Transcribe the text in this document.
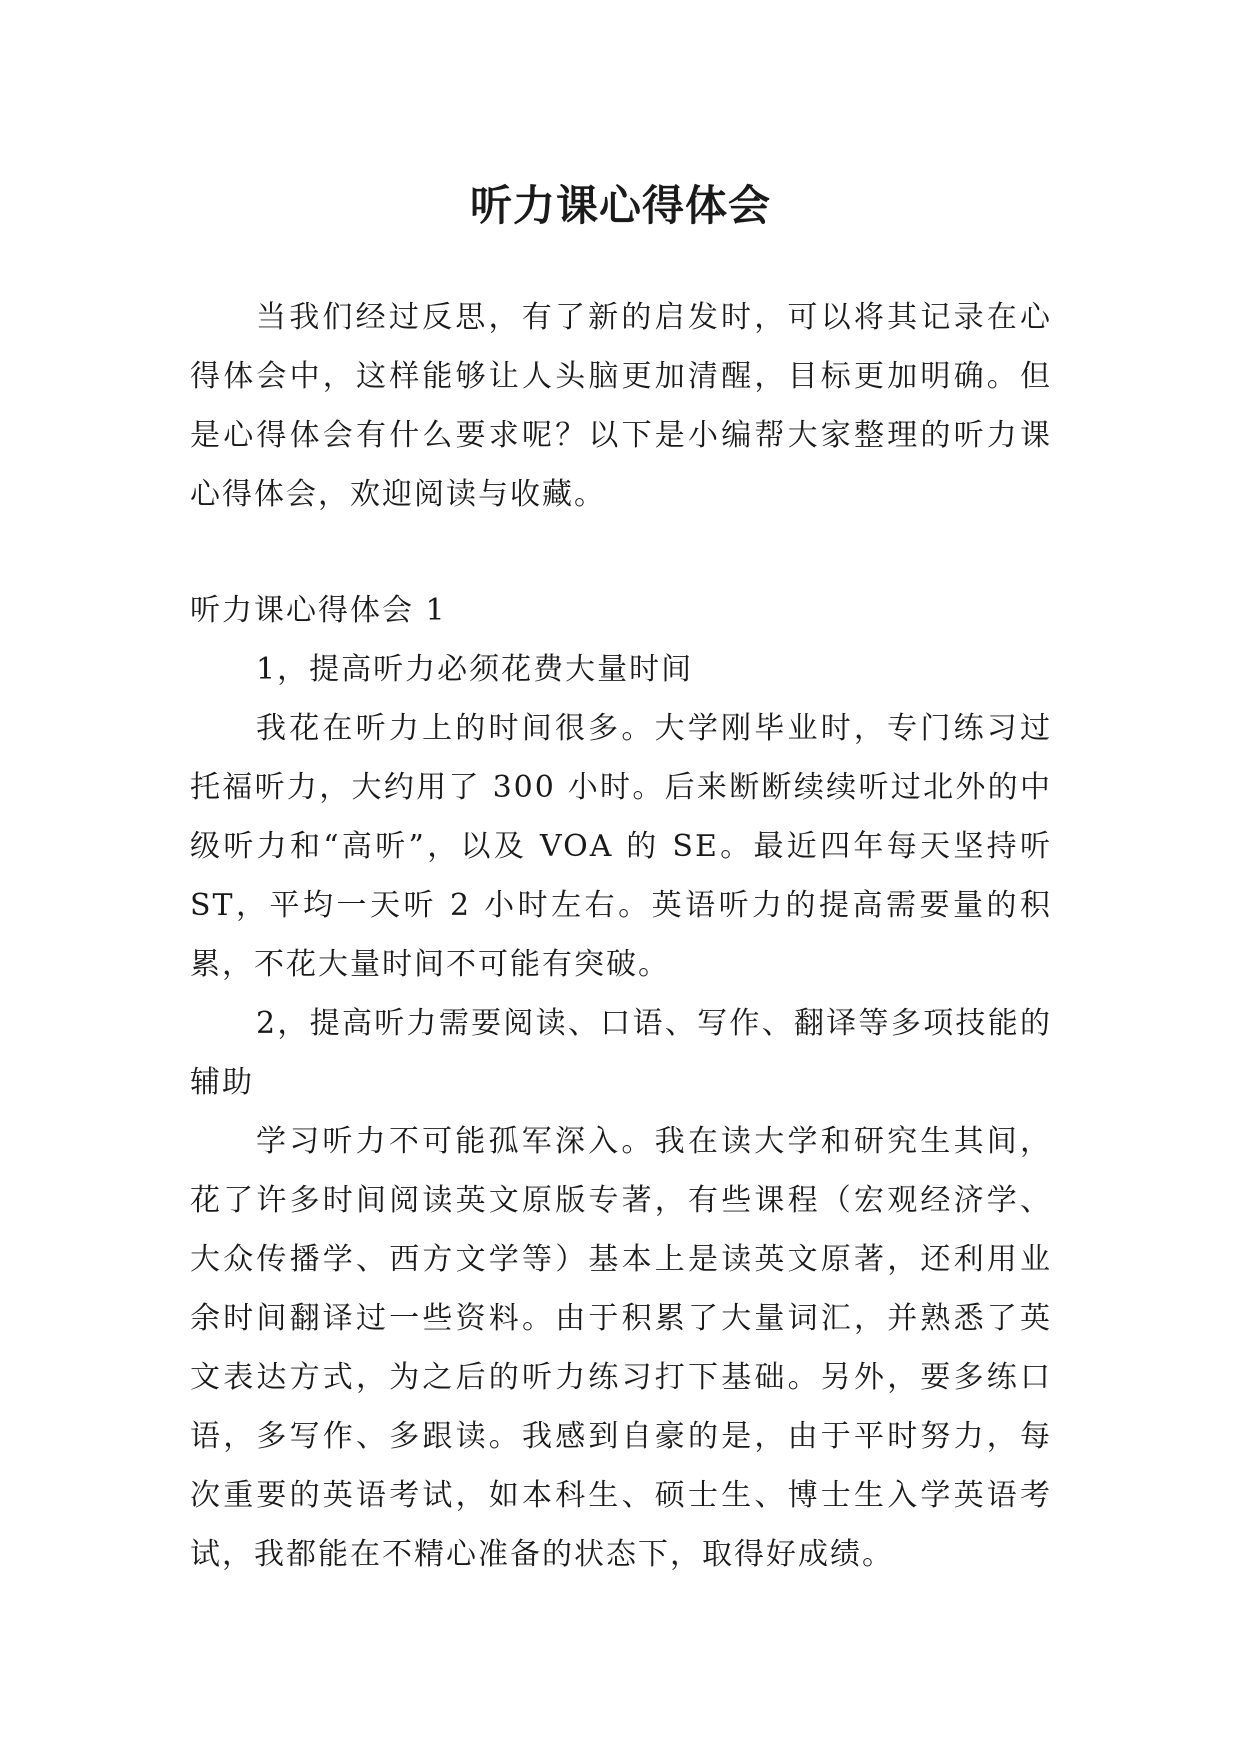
听力课心得体会

当我们经过反思，有了新的启发时，可以将其记录在心得体会中，这样能够让人头脑更加清醒，目标更加明确。但是心得体会有什么要求呢？以下是小编帮大家整理的听力课心得体会，欢迎阅读与收藏。

听力课心得体会 1

1，提高听力必须花费大量时间

我花在听力上的时间很多。大学刚毕业时，专门练习过托福听力，大约用了 300 小时。后来断断续续听过北外的中级听力和“高听”，以及 VOA 的 SE。最近四年每天坚持听 ST，平均一天听 2 小时左右。英语听力的提高需要量的积累，不花大量时间不可能有突破。

2，提高听力需要阅读、口语、写作、翻译等多项技能的辅助

学习听力不可能孤军深入。我在读大学和研究生其间，花了许多时间阅读英文原版专著，有些课程（宏观经济学、大众传播学、西方文学等）基本上是读英文原著，还利用业余时间翻译过一些资料。由于积累了大量词汇，并熟悉了英文表达方式，为之后的听力练习打下基础。另外，要多练口语，多写作、多跟读。我感到自豪的是，由于平时努力，每次重要的英语考试，如本科生、硕士生、博士生入学英语考试，我都能在不精心准备的状态下，取得好成绩。
